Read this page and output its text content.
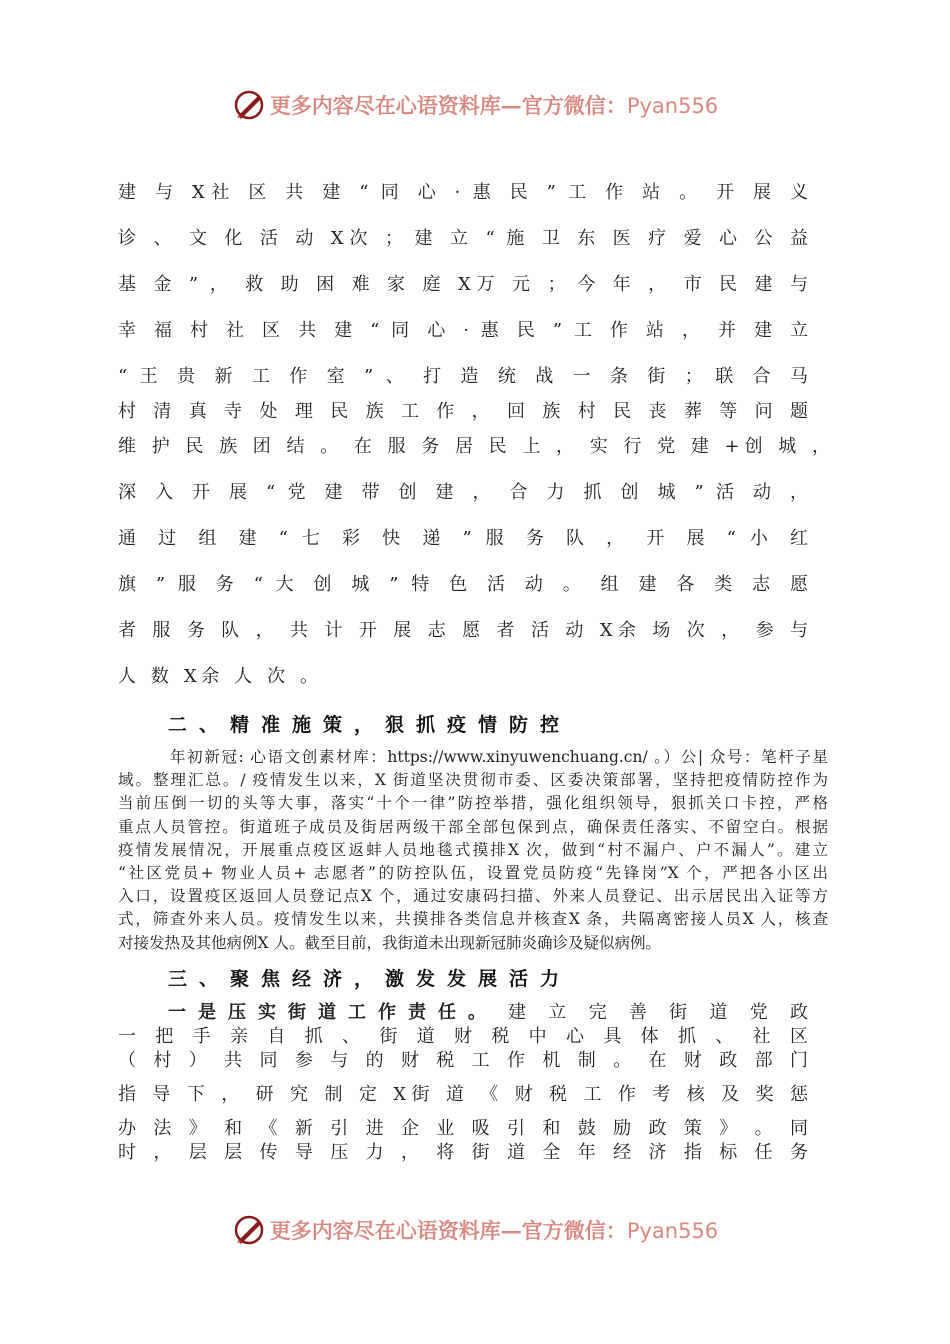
更多内容尽在心语资料库—官方微信：Pyan556
建 与 X社 区 共 建 “ 同 心 · 惠 民 ” 工 作 站 。 开 展 义
诊 、 文 化 活 动 X次 ； 建 立 “ 施 卫 东 医 疗 爱 心 公 益
基 金 ” ， 救 助 困 难 家 庭 X万 元 ； 今 年 ， 市 民 建 与
幸 福 村 社 区 共 建 “ 同 心 · 惠 民 ” 工 作 站 ， 并 建 立
“ 王 贵 新 工 作 室 ” 、 打 造 统 战 一 条 街 ； 联 合 马
村 清 真 寺 处 理 民 族 工 作 ， 回 族 村 民 丧 葬 等 问 题
维 护 民 族 团 结 。 在 服 务 居 民 上 ， 实 行 党 建 +创 城 ，
深 入 开 展 “ 党 建 带 创 建 ， 合 力 抓 创 城 ” 活 动 ，
通 过 组 建 “ 七 彩 快 递 ” 服 务 队 ， 开 展 “ 小 红
旗 ” 服 务 “ 大 创 城 ” 特 色 活 动 。 组 建 各 类 志 愿
者 服 务 队 ， 共 计 开 展 志 愿 者 活 动 X余 场 次 ， 参 与
人 数 X余 人 次 。
二、精准施策，狠抓疫情防控

年初新冠: 心语文创素材库：https://www.xinyuwenchuang.cn/ 。）公| 众号：笔杆子星

域。整理汇总。/ 疫情发生以来，X 街道坚决贯彻市委、区委决策部署，坚持把疫情防控作为

当前压倒一切的头等大事，落实“十个一律”防控举措，强化组织领导，狠抓关口卡控，严格

重点人员管控。街道班子成员及街居两级干部全部包保到点，确保责任落实、不留空白。根据

疫情发展情况，开展重点疫区返蚌人员地毯式摸排X 次，做到“村不漏户、户不漏人”。建立

“社区党员+ 物业人员+ 志愿者”的防控队伍，设置党员防疫“先锋岗”X 个，严把各小区出

入口，设置疫区返回人员登记点X 个，通过安康码扫描、外来人员登记、出示居民出入证等方

式，筛查外来人员。疫情发生以来，共摸排各类信息并核查X 条，共隔离密接人员X 人，核查

对接发热及其他病例X 人。截至目前，我街道未出现新冠肺炎确诊及疑似病例。

三、聚焦经济，激发发展活力
一是压实街道工作责任。 建 立 完 善 街 道 党 政
一 把 手 亲 自 抓 、 街 道 财 税 中 心 具 体 抓 、 社 区
（ 村 ） 共 同 参 与 的 财 税 工 作 机 制 。 在 财 政 部 门
指 导 下 ， 研 究 制 定 X街 道 《 财 税 工 作 考 核 及 奖 惩
办 法 》 和 《 新 引 进 企 业 吸 引 和 鼓 励 政 策 》 。 同
时 ， 层 层 传 导 压 力 ， 将 街 道 全 年 经 济 指 标 任 务
更多内容尽在心语资料库—官方微信：Pyan556
